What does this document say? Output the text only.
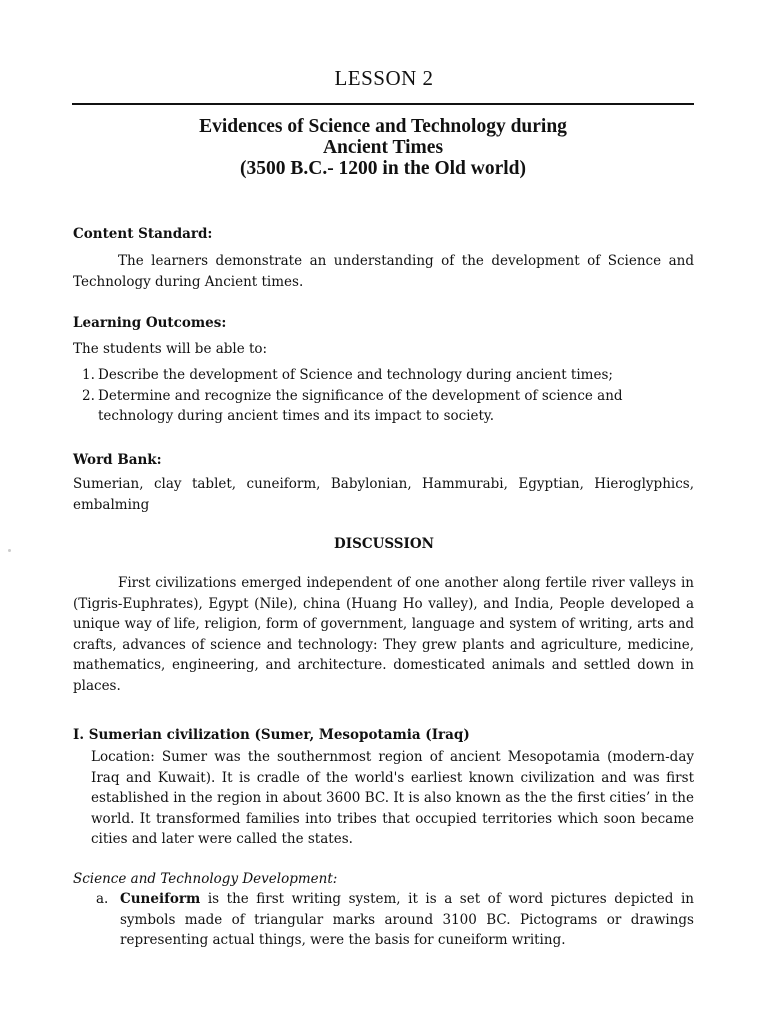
LESSON 2
Evidences of Science and Technology during
Ancient Times
(3500 B.C.- 1200 in the Old world)
Content Standard:
The learners demonstrate an understanding of the development of Science and Technology during Ancient times.
Learning Outcomes:
The students will be able to:
1. Describe the development of Science and technology during ancient times;
2. Determine and recognize the significance of the development of science and technology during ancient times and its impact to society.
Word Bank:
Sumerian, clay tablet, cuneiform, Babylonian, Hammurabi, Egyptian, Hieroglyphics, embalming
DISCUSSION
First civilizations emerged independent of one another along fertile river valleys in (Tigris-Euphrates), Egypt (Nile), china (Huang Ho valley), and India, People developed a unique way of life, religion, form of government, language and system of writing, arts and crafts, advances of science and technology: They grew plants and agriculture, medicine, mathematics, engineering, and architecture. domesticated animals and settled down in places.
I. Sumerian civilization (Sumer, Mesopotamia (Iraq)
Location: Sumer was the southernmost region of ancient Mesopotamia (modern-day Iraq and Kuwait). It is cradle of the world's earliest known civilization and was first established in the region in about 3600 BC. It is also known as the the first cities’ in the world. It transformed families into tribes that occupied territories which soon became cities and later were called the states.
Science and Technology Development:
a. Cuneiform is the first writing system, it is a set of word pictures depicted in symbols made of triangular marks around 3100 BC. Pictograms or drawings representing actual things, were the basis for cuneiform writing.
